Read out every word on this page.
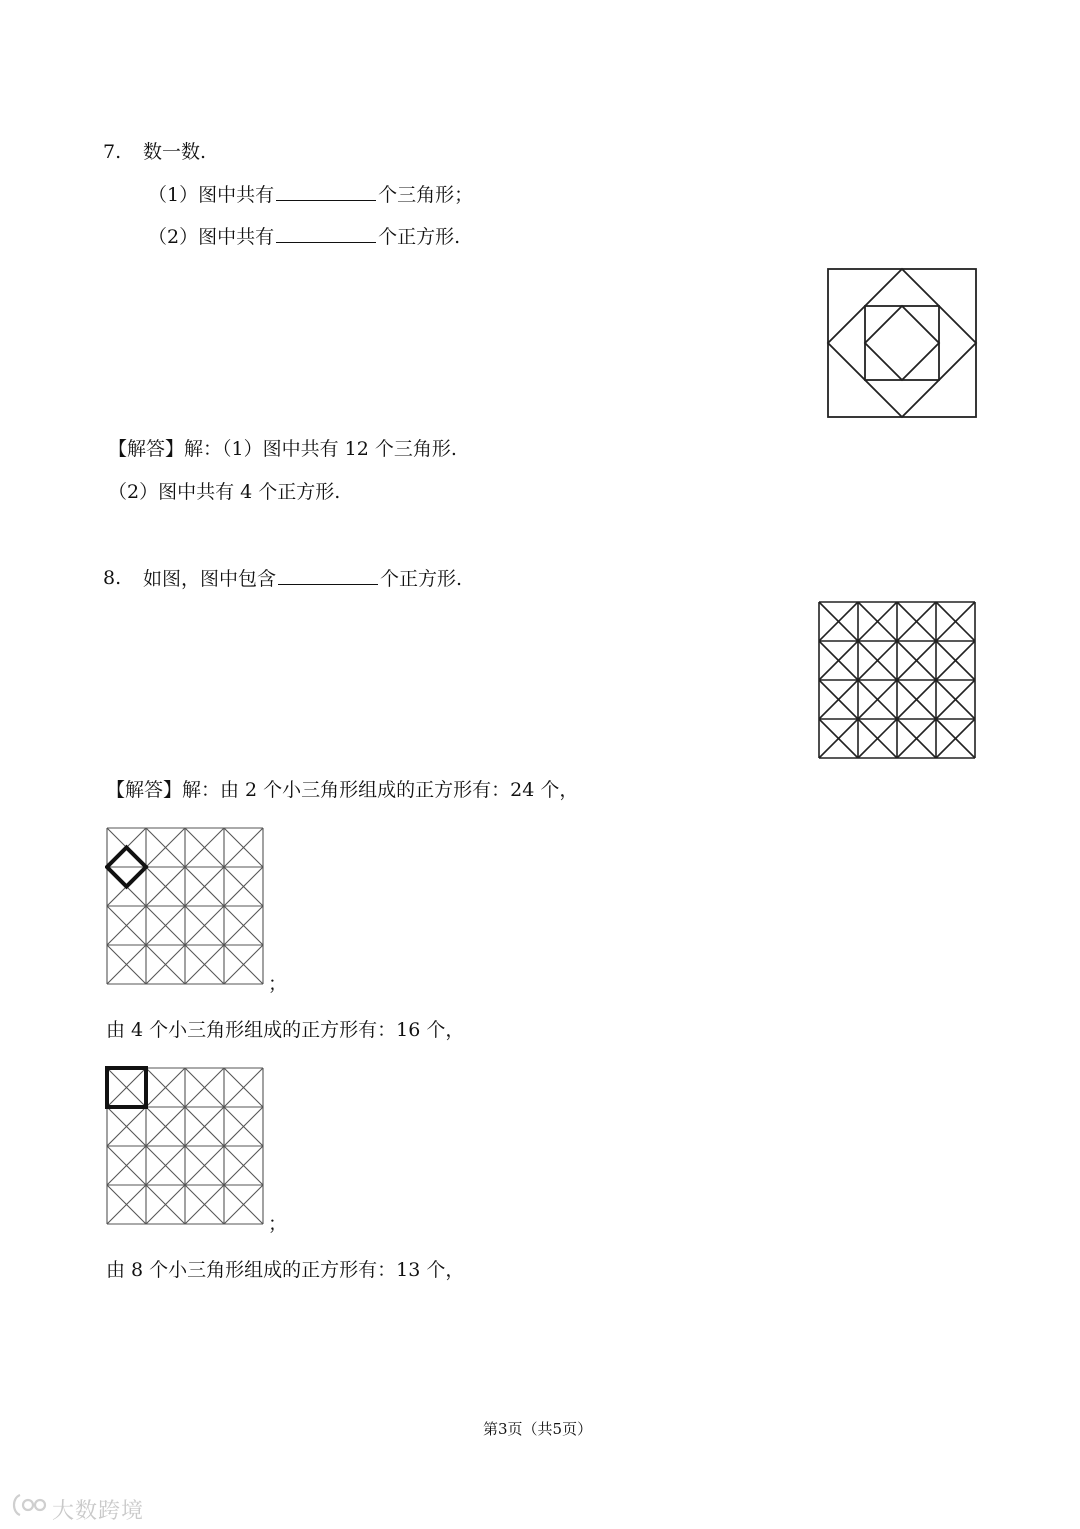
7. 数一数.
（1）图中共有	个三角形；
（2）图中共有	个正方形.
【解答】解：（1）图中共有 12 个三角形.
（2）图中共有 4 个正方形.
8. 如图，图中包含	个正方形.
【解答】解：由 2 个小三角形组成的正方形有：24 个，
；
由 4 个小三角形组成的正方形有：16 个，
；
由 8 个小三角形组成的正方形有：13 个，
第3页（共5页）
大数跨境
